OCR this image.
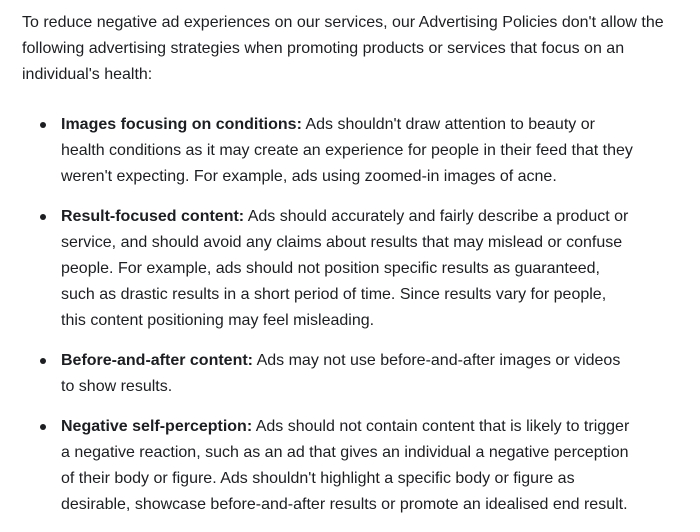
To reduce negative ad experiences on our services, our Advertising Policies don't allow the
following advertising strategies when promoting products or services that focus on an
individual's health:

Images focusing on conditions: Ads shouldn't draw attention to beauty or
health conditions as it may create an experience for people in their feed that they
weren't expecting. For example, ads using zoomed-in images of acne.
Result-focused content: Ads should accurately and fairly describe a product or
service, and should avoid any claims about results that may mislead or confuse
people. For example, ads should not position specific results as guaranteed,
such as drastic results in a short period of time. Since results vary for people,
this content positioning may feel misleading.
Before-and-after content: Ads may not use before-and-after images or videos
to show results.
Negative self-perception: Ads should not contain content that is likely to trigger
a negative reaction, such as an ad that gives an individual a negative perception
of their body or figure. Ads shouldn't highlight a specific body or figure as
desirable, showcase before-and-after results or promote an idealised end result.
